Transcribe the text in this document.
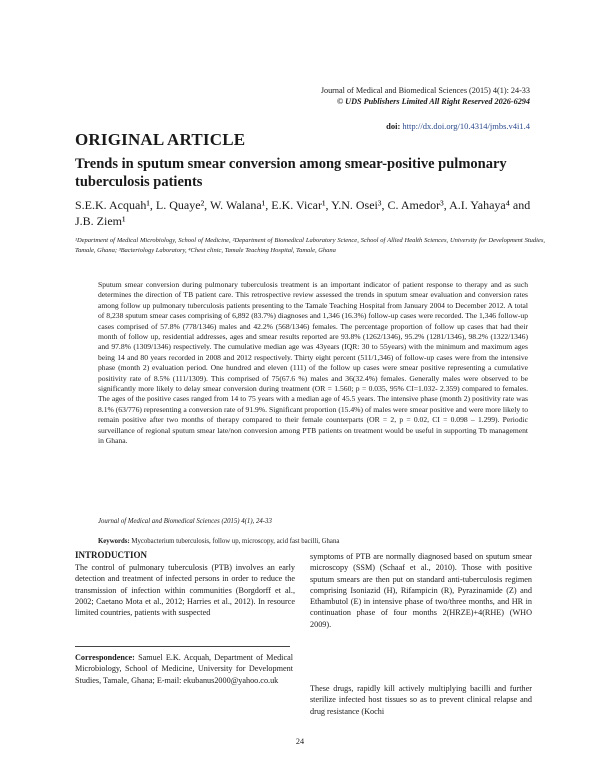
Journal of Medical and Biomedical Sciences (2015) 4(1): 24-33
© UDS Publishers Limited All Right Reserved 2026-6294
doi: http://dx.doi.org/10.4314/jmbs.v4i1.4
ORIGINAL ARTICLE
Trends in sputum smear conversion among smear-positive pulmonary tuberculosis patients
S.E.K. Acquah¹, L. Quaye², W. Walana¹, E.K. Vicar¹, Y.N. Osei³, C. Amedor³, A.I. Yahaya⁴ and J.B. Ziem¹
¹Department of Medical Microbiology, School of Medicine, ²Department of Biomedical Laboratory Science, School of Allied Health Sciences, University for Development Studies, Tamale, Ghana; ³Bacteriology Laboratory, ⁴Chest clinic, Tamale Teaching Hospital, Tamale, Ghana
Sputum smear conversion during pulmonary tuberculosis treatment is an important indicator of patient response to therapy and as such determines the direction of TB patient care. This retrospective review assessed the trends in sputum smear evaluation and conversion rates among follow up pulmonary tuberculosis patients presenting to the Tamale Teaching Hospital from January 2004 to December 2012. A total of 8,238 sputum smear cases comprising of 6,892 (83.7%) diagnoses and 1,346 (16.3%) follow-up cases were recorded. The 1,346 follow-up cases comprised of 57.8% (778/1346) males and 42.2% (568/1346) females. The percentage proportion of follow up cases that had their month of follow up, residential addresses, ages and smear results reported are 93.8% (1262/1346), 95.2% (1281/1346), 98.2% (1322/1346) and 97.8% (1309/1346) respectively. The cumulative median age was 43years (IQR: 30 to 55years) with the minimum and maximum ages being 14 and 80 years recorded in 2008 and 2012 respectively. Thirty eight percent (511/1,346) of follow-up cases were from the intensive phase (month 2) evaluation period. One hundred and eleven (111) of the follow up cases were smear positive representing a cumulative positivity rate of 8.5% (111/1309). This comprised of 75(67.6 %) males and 36(32.4%) females. Generally males were observed to be significantly more likely to delay smear conversion during treatment (OR = 1.560; p = 0.035, 95% CI=1.032- 2.359) compared to females. The ages of the positive cases ranged from 14 to 75 years with a median age of 45.5 years. The intensive phase (month 2) positivity rate was 8.1% (63/776) representing a conversion rate of 91.9%. Significant proportion (15.4%) of males were smear positive and were more likely to remain positive after two months of therapy compared to their female counterparts (OR = 2, p = 0.02, CI = 0.098 – 1.299). Periodic surveillance of regional sputum smear late/non conversion among PTB patients on treatment would be useful in supporting Tb management in Ghana.
Journal of Medical and Biomedical Sciences (2015) 4(1), 24-33
Keywords: Mycobacterium tuberculosis, follow up, microscopy, acid fast bacilli, Ghana
INTRODUCTION
The control of pulmonary tuberculosis (PTB) involves an early detection and treatment of infected persons in order to reduce the transmission of infection within communities (Borgdorff et al., 2002; Caetano Mota et al., 2012; Harries et al., 2012). In resource limited countries, patients with suspected
symptoms of PTB are normally diagnosed based on sputum smear microscopy (SSM) (Schaaf et al., 2010). Those with positive sputum smears are then put on standard anti-tuberculosis regimen comprising Isoniazid (H), Rifampicin (R), Pyrazinamide (Z) and Ethambutol (E) in intensive phase of two/three months, and HR in continuation phase of four months 2(HRZE)+4(RHE) (WHO 2009).
These drugs, rapidly kill actively multiplying bacilli and further sterilize infected host tissues so as to prevent clinical relapse and drug resistance (Kochi
Correspondence: Samuel E.K. Acquah, Department of Medical Microbiology, School of Medicine, University for Development Studies, Tamale, Ghana; E-mail: ekubanus2000@yahoo.co.uk
24
